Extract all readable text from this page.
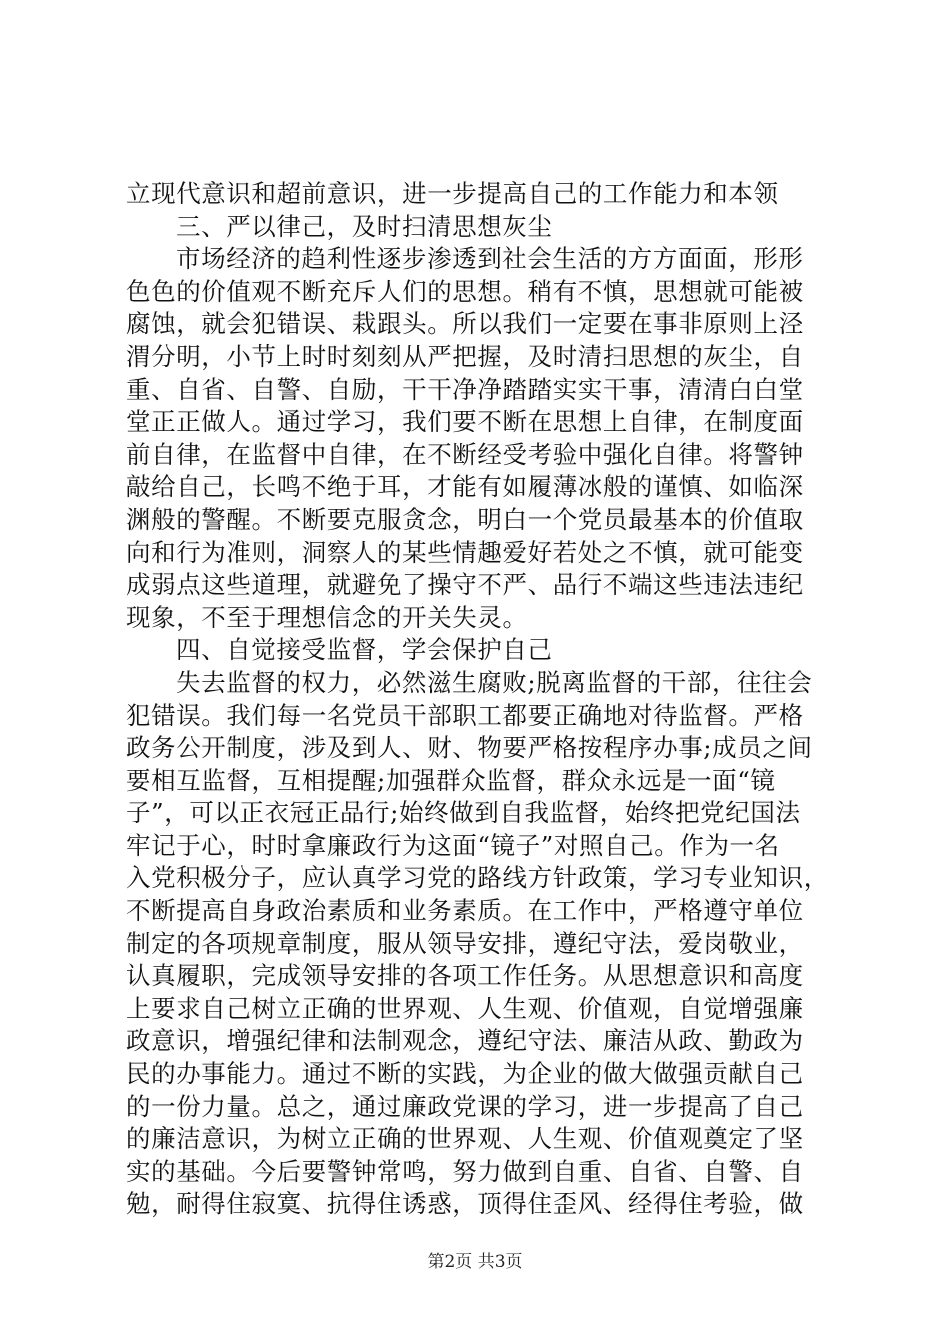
立现代意识和超前意识，进一步提高自己的工作能力和本领
三、严以律己，及时扫清思想灰尘
市场经济的趋利性逐步渗透到社会生活的方方面面，形形
色色的价值观不断充斥人们的思想。稍有不慎，思想就可能被
腐蚀，就会犯错误、栽跟头。所以我们一定要在事非原则上泾
渭分明，小节上时时刻刻从严把握，及时清扫思想的灰尘，自
重、自省、自警、自励，干干净净踏踏实实干事，清清白白堂
堂正正做人。通过学习，我们要不断在思想上自律，在制度面
前自律，在监督中自律，在不断经受考验中强化自律。将警钟
敲给自己，长鸣不绝于耳，才能有如履薄冰般的谨慎、如临深
渊般的警醒。不断要克服贪念，明白一个党员最基本的价值取
向和行为准则，洞察人的某些情趣爱好若处之不慎，就可能变
成弱点这些道理，就避免了操守不严、品行不端这些违法违纪
现象，不至于理想信念的开关失灵。
四、自觉接受监督，学会保护自己
失去监督的权力，必然滋生腐败;脱离监督的干部，往往会
犯错误。我们每一名党员干部职工都要正确地对待监督。严格
政务公开制度，涉及到人、财、物要严格按程序办事;成员之间
要相互监督，互相提醒;加强群众监督，群众永远是一面“镜
子”，可以正衣冠正品行;始终做到自我监督，始终把党纪国法
牢记于心，时时拿廉政行为这面“镜子”对照自己。作为一名
入党积极分子，应认真学习党的路线方针政策，学习专业知识，
不断提高自身政治素质和业务素质。在工作中，严格遵守单位
制定的各项规章制度，服从领导安排，遵纪守法，爱岗敬业，
认真履职，完成领导安排的各项工作任务。从思想意识和高度
上要求自己树立正确的世界观、人生观、价值观，自觉增强廉
政意识，增强纪律和法制观念，遵纪守法、廉洁从政、勤政为
民的办事能力。通过不断的实践，为企业的做大做强贡献自己
的一份力量。总之，通过廉政党课的学习，进一步提高了自己
的廉洁意识，为树立正确的世界观、人生观、价值观奠定了坚
实的基础。今后要警钟常鸣，努力做到自重、自省、自警、自
勉，耐得住寂寞、抗得住诱惑，顶得住歪风、经得住考验，做
第2页 共3页
